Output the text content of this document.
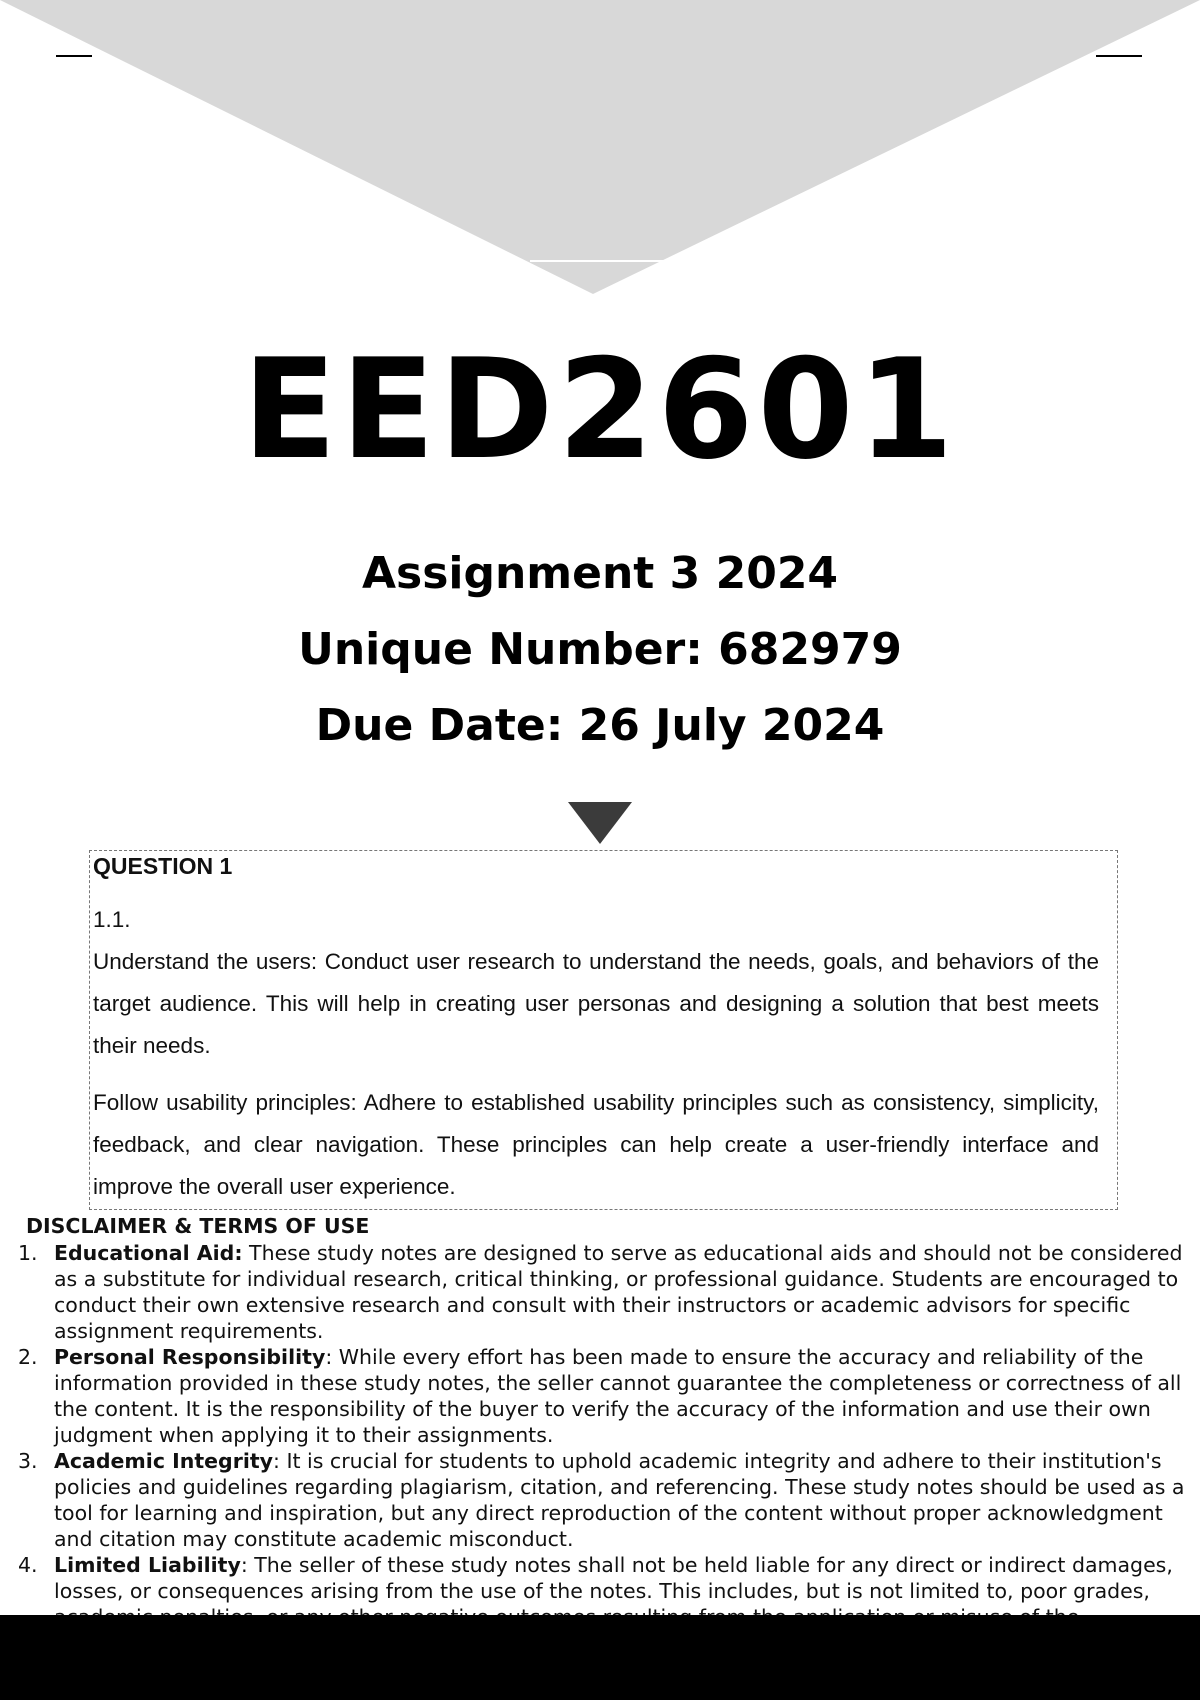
EED2601
Assignment 3 2024
Unique Number: 682979
Due Date: 26 July 2024
QUESTION 1
1.1.

Understand the users: Conduct user research to understand the needs, goals, and behaviors of the target audience. This will help in creating user personas and designing a solution that best meets their needs.

Follow usability principles: Adhere to established usability principles such as consistency, simplicity, feedback, and clear navigation. These principles can help create a user-friendly interface and improve the overall user experience.

DISCLAIMER & TERMS OF USE
1. Educational Aid: These study notes are designed to serve as educational aids and should not be considered as a substitute for individual research, critical thinking, or professional guidance. Students are encouraged to conduct their own extensive research and consult with their instructors or academic advisors for specific assignment requirements.
2. Personal Responsibility: While every effort has been made to ensure the accuracy and reliability of the information provided in these study notes, the seller cannot guarantee the completeness or correctness of all the content. It is the responsibility of the buyer to verify the accuracy of the information and use their own judgment when applying it to their assignments.
3. Academic Integrity: It is crucial for students to uphold academic integrity and adhere to their institution's policies and guidelines regarding plagiarism, citation, and referencing. These study notes should be used as a tool for learning and inspiration, but any direct reproduction of the content without proper acknowledgment and citation may constitute academic misconduct.
4. Limited Liability: The seller of these study notes shall not be held liable for any direct or indirect damages, losses, or consequences arising from the use of the notes. This includes, but is not limited to, poor grades,
